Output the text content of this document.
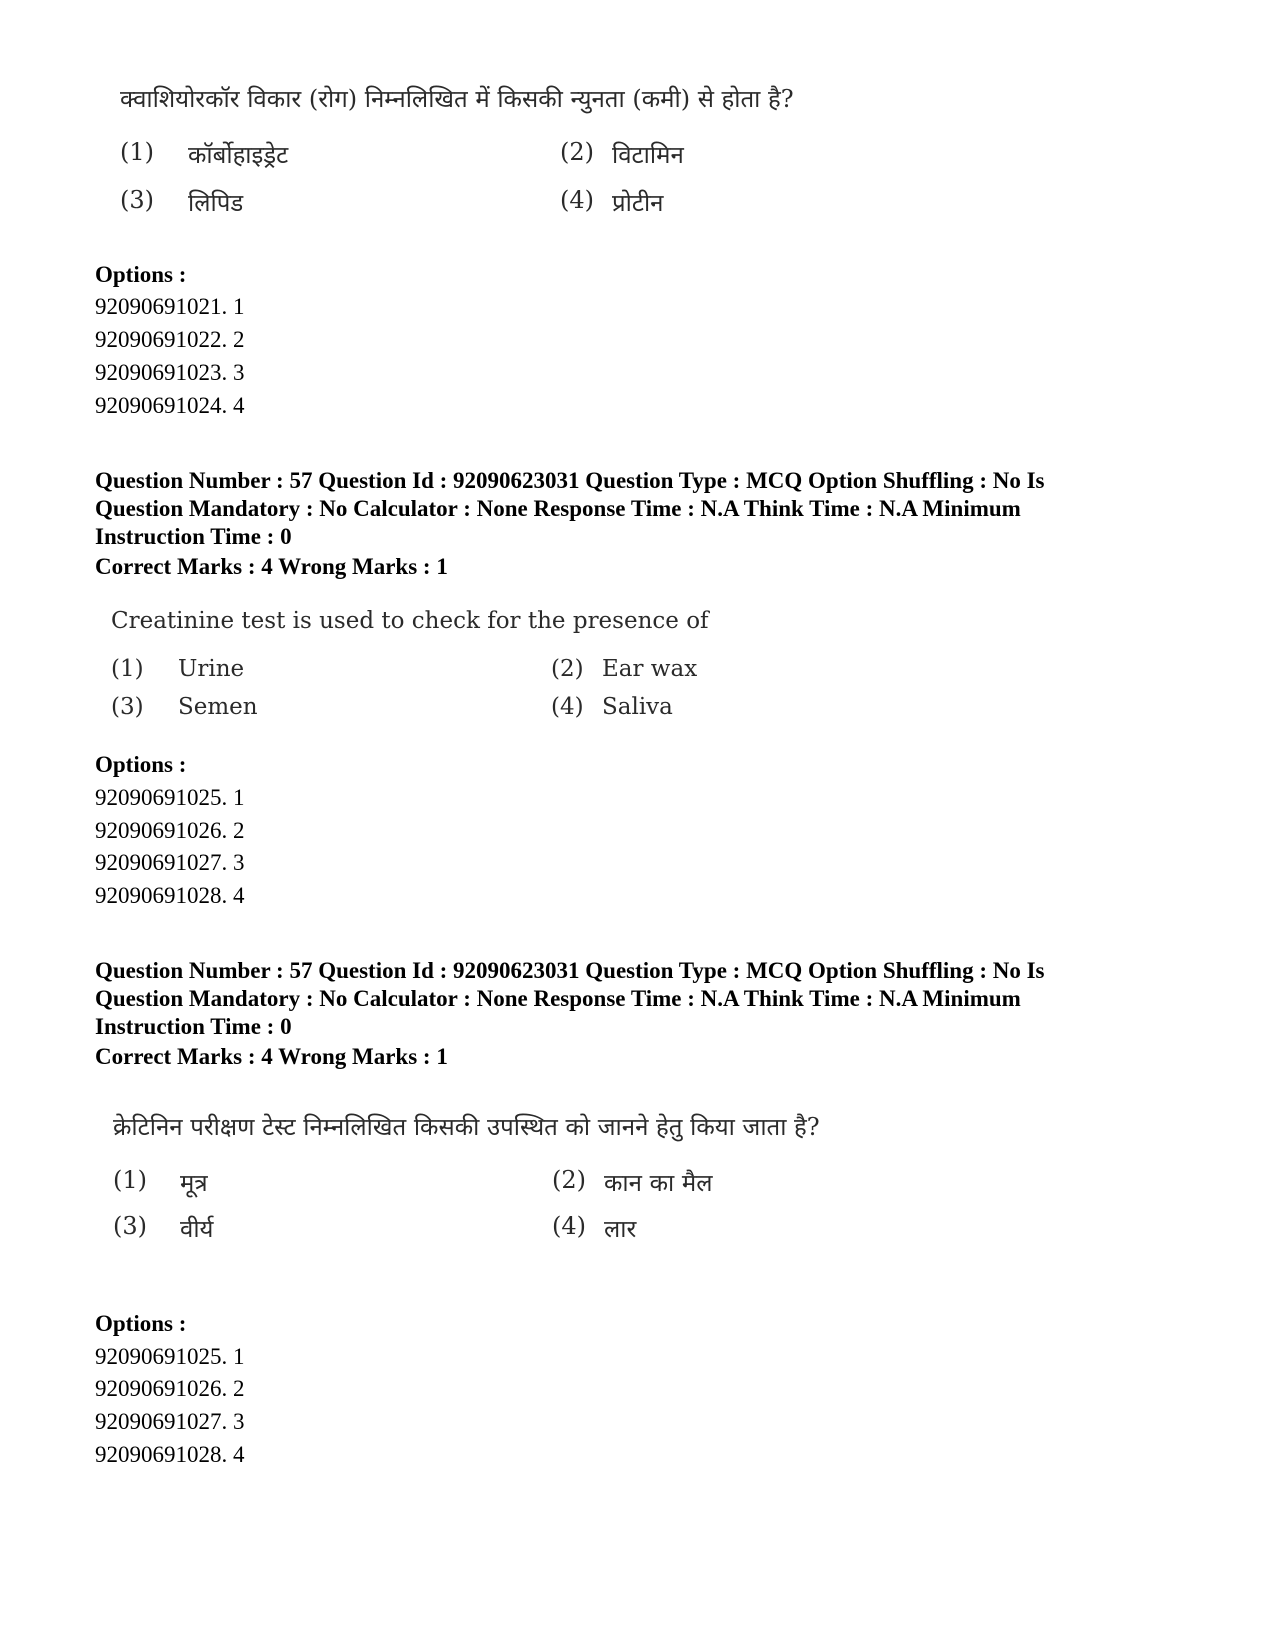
क्वाशियोरकॉर विकार (रोग) निम्नलिखित में किसकी न्युनता (कमी) से होता है?
(1) कॉर्बोहाइड्रेट	(2) विटामिन
(3) लिपिड	(4) प्रोटीन
Options :
92090691021. 1
92090691022. 2
92090691023. 3
92090691024. 4
Question Number : 57 Question Id : 92090623031 Question Type : MCQ Option Shuffling : No Is
Question Mandatory : No Calculator : None Response Time : N.A Think Time : N.A Minimum
Instruction Time : 0
Correct Marks : 4 Wrong Marks : 1
Creatinine test is used to check for the presence of
(1) Urine	(2) Ear wax
(3) Semen	(4) Saliva
Options :
92090691025. 1
92090691026. 2
92090691027. 3
92090691028. 4
Question Number : 57 Question Id : 92090623031 Question Type : MCQ Option Shuffling : No Is
Question Mandatory : No Calculator : None Response Time : N.A Think Time : N.A Minimum
Instruction Time : 0
Correct Marks : 4 Wrong Marks : 1
क्रेटिनिन परीक्षण टेस्ट निम्नलिखित किसकी उपस्थित को जानने हेतु किया जाता है?
(1) मूत्र	(2) कान का मैल
(3) वीर्य	(4) लार
Options :
92090691025. 1
92090691026. 2
92090691027. 3
92090691028. 4
